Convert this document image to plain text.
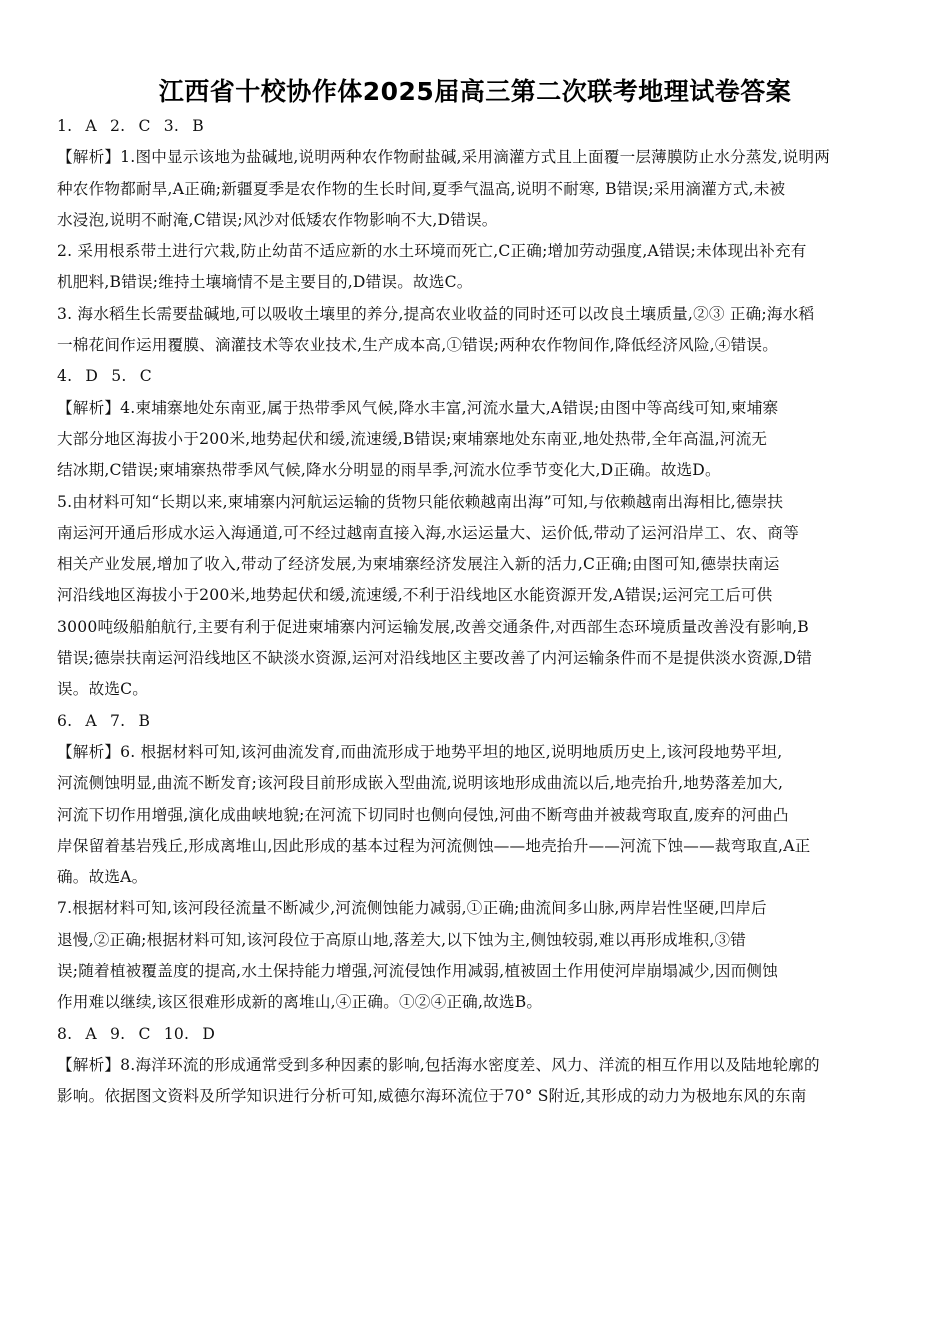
江西省十校协作体2025届高三第二次联考地理试卷答案
1. A 2. C 3. B
【解析】1.图中显示该地为盐碱地,说明两种农作物耐盐碱,采用滴灌方式且上面覆一层薄膜防止水分蒸发,说明两
种农作物都耐旱,A正确;新疆夏季是农作物的生长时间,夏季气温高,说明不耐寒, B错误;采用滴灌方式,未被
水浸泡,说明不耐淹,C错误;风沙对低矮农作物影响不大,D错误。
2. 采用根系带土进行穴栽,防止幼苗不适应新的水土环境而死亡,C正确;增加劳动强度,A错误;未体现出补充有
机肥料,B错误;维持土壤墒情不是主要目的,D错误。故选C。
3. 海水稻生长需要盐碱地,可以吸收土壤里的养分,提高农业收益的同时还可以改良土壤质量,②③ 正确;海水稻
一棉花间作运用覆膜、滴灌技术等农业技术,生产成本高,①错误;两种农作物间作,降低经济风险,④错误。
4. D 5. C
【解析】4.柬埔寨地处东南亚,属于热带季风气候,降水丰富,河流水量大,A错误;由图中等高线可知,柬埔寨
大部分地区海拔小于200米,地势起伏和缓,流速缓,B错误;柬埔寨地处东南亚,地处热带,全年高温,河流无
结冰期,C错误;柬埔寨热带季风气候,降水分明显的雨旱季,河流水位季节变化大,D正确。故选D。
5.由材料可知“长期以来,柬埔寨内河航运运输的货物只能依赖越南出海”可知,与依赖越南出海相比,德崇扶
南运河开通后形成水运入海通道,可不经过越南直接入海,水运运量大、运价低,带动了运河沿岸工、农、商等
相关产业发展,增加了收入,带动了经济发展,为柬埔寨经济发展注入新的活力,C正确;由图可知,德崇扶南运
河沿线地区海拔小于200米,地势起伏和缓,流速缓,不利于沿线地区水能资源开发,A错误;运河完工后可供
3000吨级船舶航行,主要有利于促进柬埔寨内河运输发展,改善交通条件,对西部生态环境质量改善没有影响,B
错误;德崇扶南运河沿线地区不缺淡水资源,运河对沿线地区主要改善了内河运输条件而不是提供淡水资源,D错
误。故选C。
6. A 7. B
【解析】6. 根据材料可知,该河曲流发育,而曲流形成于地势平坦的地区,说明地质历史上,该河段地势平坦,
河流侧蚀明显,曲流不断发育;该河段目前形成嵌入型曲流,说明该地形成曲流以后,地壳抬升,地势落差加大,
河流下切作用增强,演化成曲峡地貌;在河流下切同时也侧向侵蚀,河曲不断弯曲并被裁弯取直,废弃的河曲凸
岸保留着基岩残丘,形成离堆山,因此形成的基本过程为河流侧蚀——地壳抬升——河流下蚀——裁弯取直,A正
确。故选A。
7.根据材料可知,该河段径流量不断减少,河流侧蚀能力减弱,①正确;曲流间多山脉,两岸岩性坚硬,凹岸后
退慢,②正确;根据材料可知,该河段位于高原山地,落差大,以下蚀为主,侧蚀较弱,难以再形成堆积,③错
误;随着植被覆盖度的提高,水土保持能力增强,河流侵蚀作用减弱,植被固土作用使河岸崩塌减少,因而侧蚀
作用难以继续,该区很难形成新的离堆山,④正确。①②④正确,故选B。
8. A 9. C 10. D
【解析】8.海洋环流的形成通常受到多种因素的影响,包括海水密度差、风力、洋流的相互作用以及陆地轮廓的
影响。依据图文资料及所学知识进行分析可知,威德尔海环流位于70° S附近,其形成的动力为极地东风的东南
